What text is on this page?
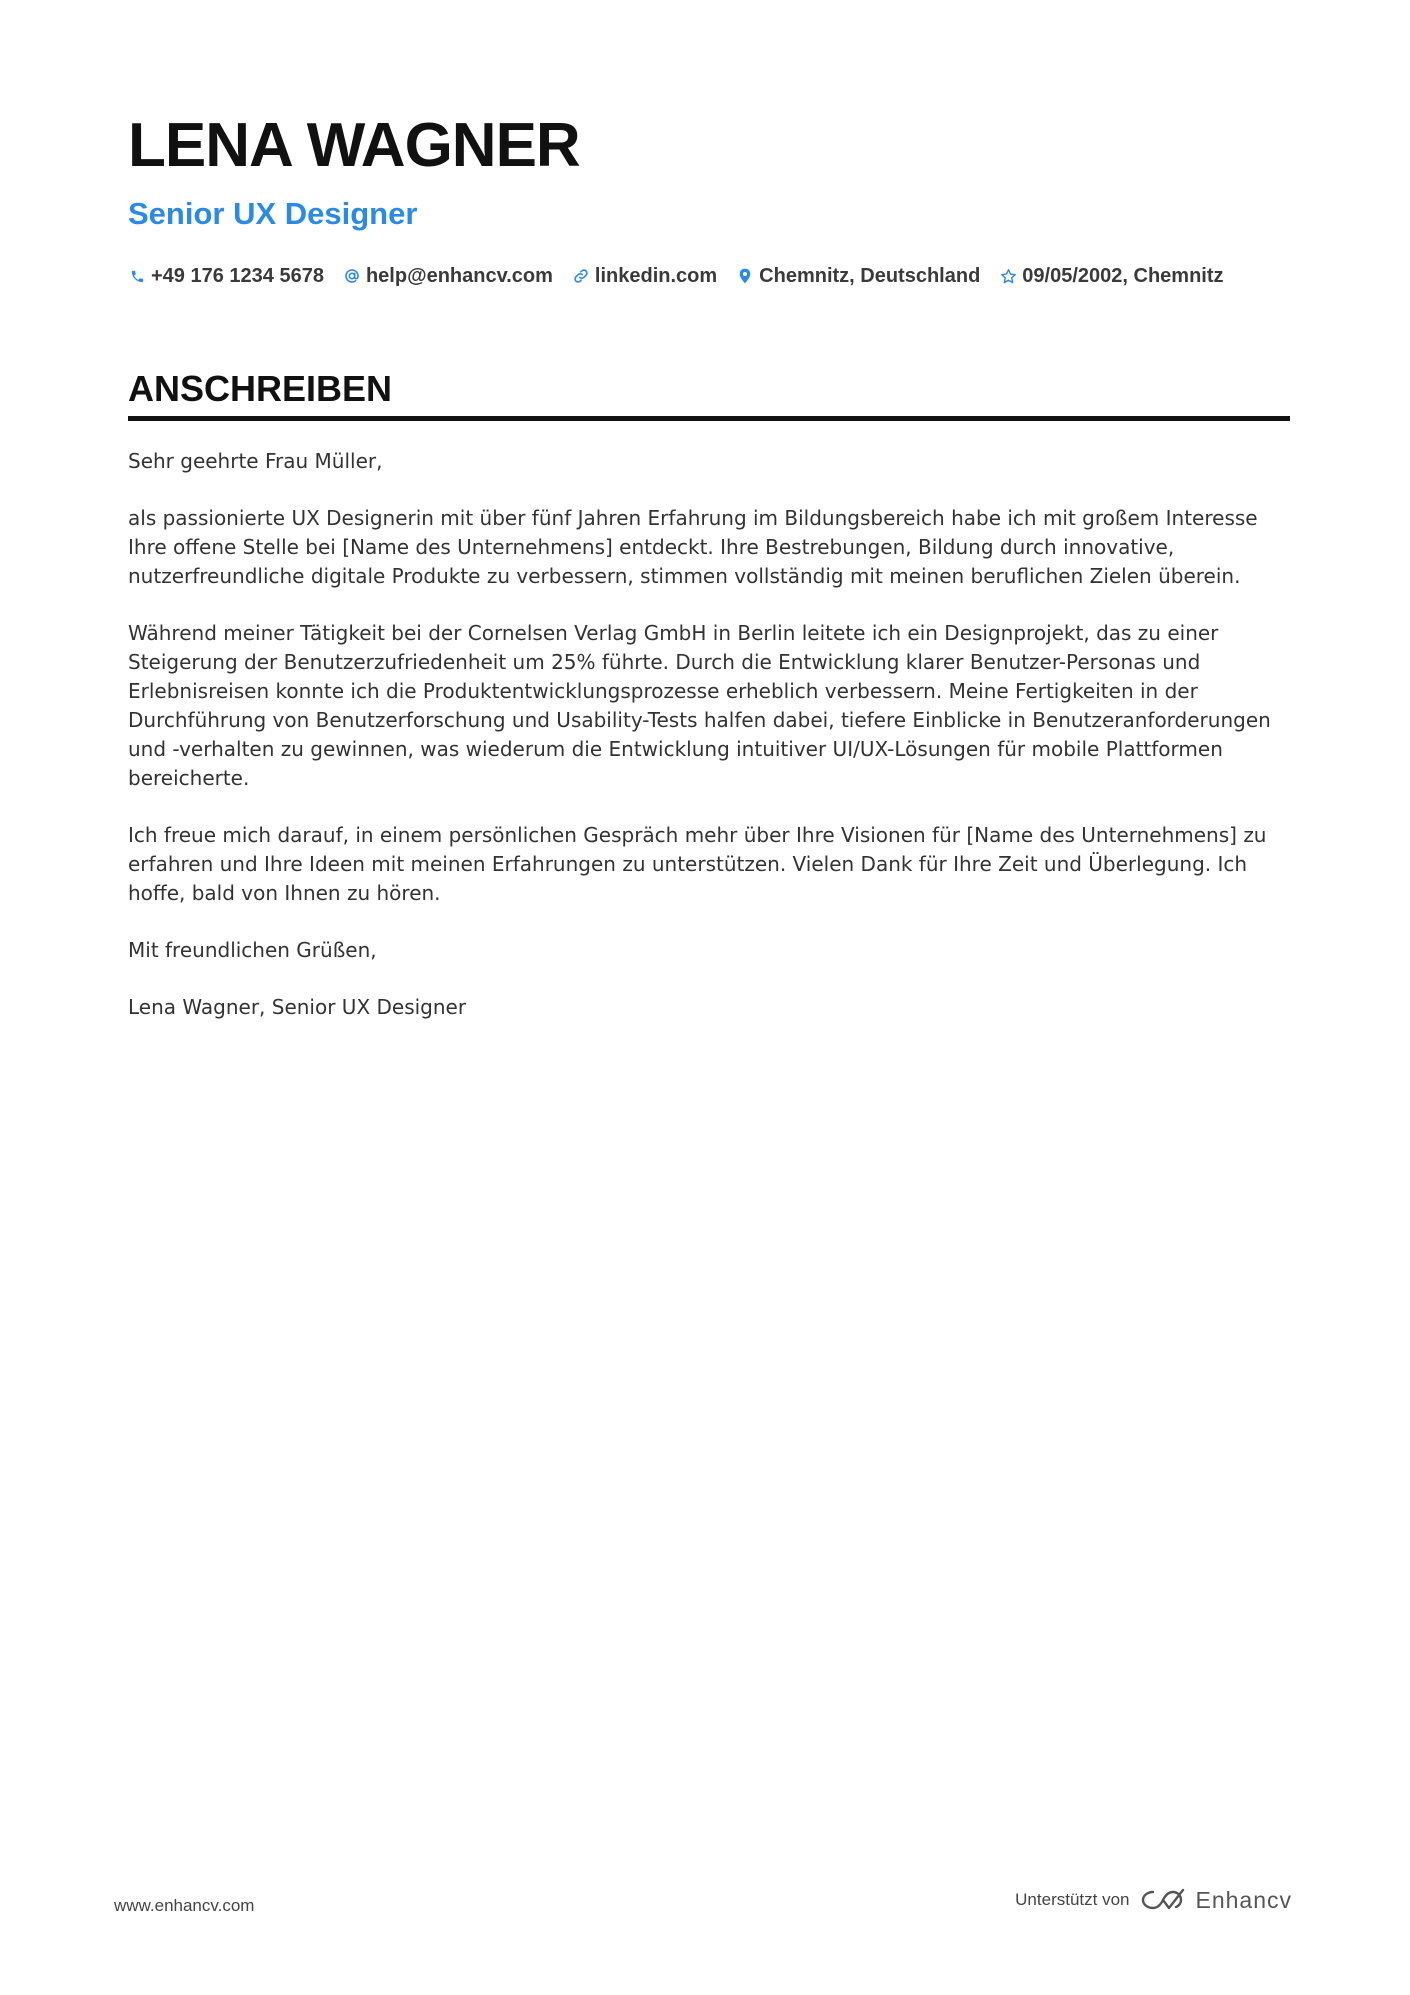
LENA WAGNER
Senior UX Designer
+49 176 1234 5678 help@enhancv.com linkedin.com Chemnitz, Deutschland 09/05/2002, Chemnitz
ANSCHREIBEN

Sehr geehrte Frau Müller,

als passionierte UX Designerin mit über fünf Jahren Erfahrung im Bildungsbereich habe ich mit großem Interesse Ihre offene Stelle bei [Name des Unternehmens] entdeckt. Ihre Bestrebungen, Bildung durch innovative, nutzerfreundliche digitale Produkte zu verbessern, stimmen vollständig mit meinen beruflichen Zielen überein.

Während meiner Tätigkeit bei der Cornelsen Verlag GmbH in Berlin leitete ich ein Designprojekt, das zu einer Steigerung der Benutzerzufriedenheit um 25% führte. Durch die Entwicklung klarer Benutzer-Personas und Erlebnisreisen konnte ich die Produktentwicklungsprozesse erheblich verbessern. Meine Fertigkeiten in der Durchführung von Benutzerforschung und Usability-Tests halfen dabei, tiefere Einblicke in Benutzeranforderungen und -verhalten zu gewinnen, was wiederum die Entwicklung intuitiver UI/UX-Lösungen für mobile Plattformen bereicherte.

Ich freue mich darauf, in einem persönlichen Gespräch mehr über Ihre Visionen für [Name des Unternehmens] zu erfahren und Ihre Ideen mit meinen Erfahrungen zu unterstützen. Vielen Dank für Ihre Zeit und Überlegung. Ich hoffe, bald von Ihnen zu hören.

Mit freundlichen Grüßen,

Lena Wagner, Senior UX Designer

www.enhancv.com	Unterstützt von	Enhancv
